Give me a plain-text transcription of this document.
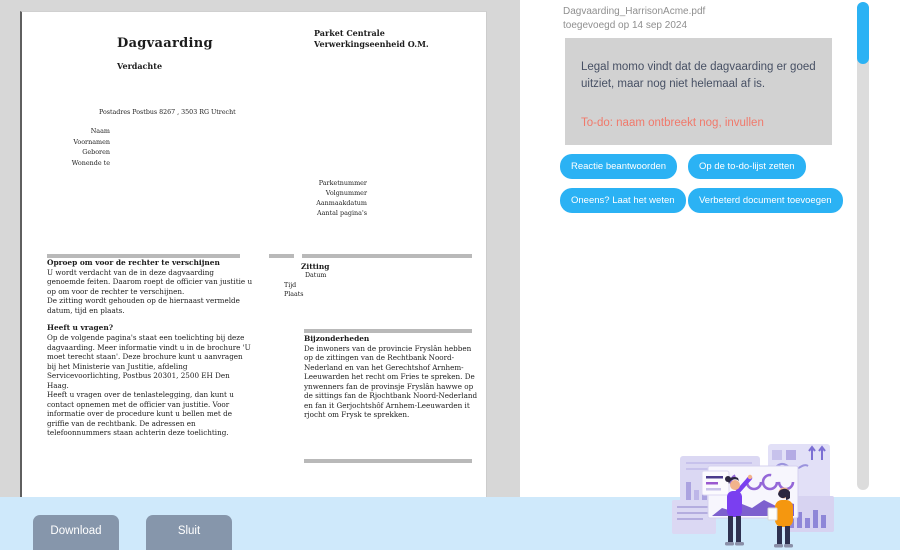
Dagvaarding
Parket Centrale
Verwerkingseenheid O.M.
Verdachte
Postadres Postbus 8267 , 3503 RG Utrecht
Naam
Voornamen
Geboren
Wonende te
Parketnummer
Volgnummer
Aanmaakdatum
Aantal pagina's
Oproep om voor de rechter te verschijnen

U wordt verdacht van de in deze dagvaarding genoemde feiten. Daarom roept de officier van justitie u op om voor de rechter te verschijnen.

De zitting wordt gehouden op de hiernaast vermelde datum, tijd en plaats.

Heeft u vragen?

Op de volgende pagina's staat een toelichting bij deze dagvaarding. Meer informatie vindt u in de brochure 'U moet terecht staan'. Deze brochure kunt u aanvragen bij het Ministerie van Justitie, afdeling Servicevoorlichting, Postbus 20301, 2500 EH Den Haag.

Heeft u vragen over de tenlastelegging, dan kunt u contact opnemen met de officier van justitie. Voor informatie over de procedure kunt u bellen met de griffie van de rechtbank. De adressen en telefoonnummers staan achterin deze toelichting.

Zitting
Datum
Tijd
Plaats
Bijzonderheden

De inwoners van de provincie Fryslân hebben op de zittingen van de Rechtbank Noord-Nederland en van het Gerechtshof Arnhem-Leeuwarden het recht om Fries te spreken. De ynwenners fan de provinsje Fryslân hawwe op de sittings fan de Rjochtbank Noord-Nederland en fan it Gerjochtshôf Arnhem-Leeuwarden it rjocht om Frysk te sprekken.

Dagvaarding_HarrisonAcme.pdf
toegevoegd op 14 sep 2024
Legal momo vindt dat de dagvaarding er goed uitziet, maar nog niet helemaal af is.
To-do: naam ontbreekt nog, invullen
Reactie beantwoorden	Op de to-do-lijst zetten
Oneens? Laat het weten	Verbeterd document toevoegen
Download	Sluit
